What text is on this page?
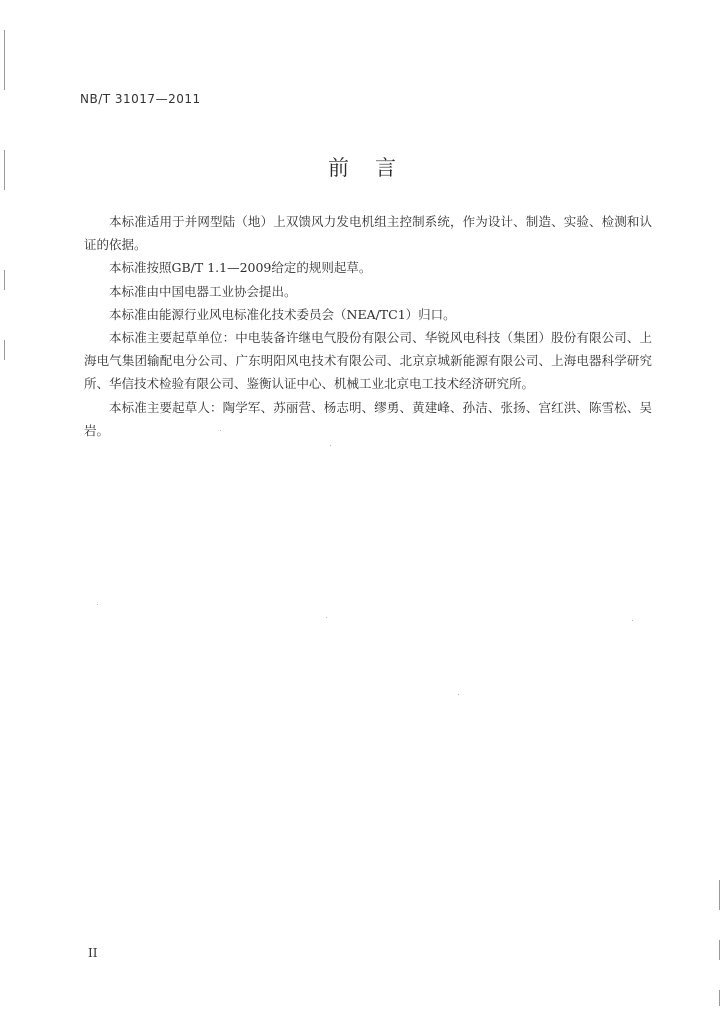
NB/T 31017—2011
前言

本标准适用于并网型陆（地）上双馈风力发电机组主控制系统，作为设计、制造、实验、检测和认证的依据。

本标准按照GB/T 1.1—2009给定的规则起草。

本标准由中国电器工业协会提出。

本标准由能源行业风电标准化技术委员会（NEA/TC1）归口。

本标准主要起草单位：中电装备许继电气股份有限公司、华锐风电科技（集团）股份有限公司、上海电气集团输配电分公司、广东明阳风电技术有限公司、北京京城新能源有限公司、上海电器科学研究所、华信技术检验有限公司、鉴衡认证中心、机械工业北京电工技术经济研究所。

本标准主要起草人：陶学军、苏丽营、杨志明、缪勇、黄建峰、孙洁、张扬、宫红洪、陈雪松、吴岩。

II
